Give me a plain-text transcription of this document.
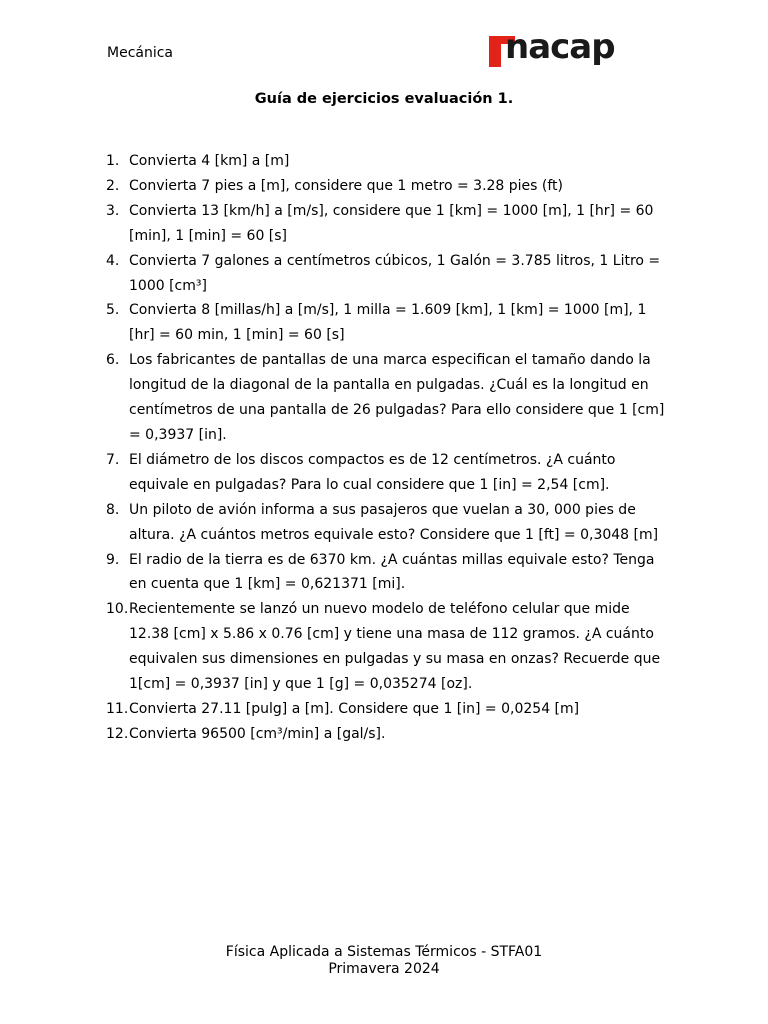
Mecánica	nacap
Guía de ejercicios evaluación 1.
1. Convierta 4 [km] a [m]
2. Convierta 7 pies a [m], considere que 1 metro = 3.28 pies (ft)
3. Convierta 13 [km/h] a [m/s], considere que 1 [km] = 1000 [m], 1 [hr] = 60 [min], 1 [min] = 60 [s]
4. Convierta 7 galones a centímetros cúbicos, 1 Galón = 3.785 litros, 1 Litro = 1000 [cm³]
5. Convierta 8 [millas/h] a [m/s], 1 milla = 1.609 [km], 1 [km] = 1000 [m], 1 [hr] = 60 min, 1 [min] = 60 [s]
6. Los fabricantes de pantallas de una marca especifican el tamaño dando la longitud de la diagonal de la pantalla en pulgadas. ¿Cuál es la longitud en centímetros de una pantalla de 26 pulgadas? Para ello considere que 1 [cm] = 0,3937 [in].
7. El diámetro de los discos compactos es de 12 centímetros. ¿A cuánto equivale en pulgadas? Para lo cual considere que 1 [in] = 2,54 [cm].
8. Un piloto de avión informa a sus pasajeros que vuelan a 30, 000 pies de altura. ¿A cuántos metros equivale esto? Considere que 1 [ft] = 0,3048 [m]
9. El radio de la tierra es de 6370 km. ¿A cuántas millas equivale esto? Tenga en cuenta que 1 [km] = 0,621371 [mi].
10. Recientemente se lanzó un nuevo modelo de teléfono celular que mide 12.38 [cm] x 5.86 x 0.76 [cm] y tiene una masa de 112 gramos. ¿A cuánto equivalen sus dimensiones en pulgadas y su masa en onzas? Recuerde que 1[cm] = 0,3937 [in] y que 1 [g] = 0,035274 [oz].
11. Convierta 27.11 [pulg] a [m]. Considere que 1 [in] = 0,0254 [m]
12. Convierta 96500 [cm³/min] a [gal/s].
Física Aplicada a Sistemas Térmicos - STFA01
Primavera 2024
